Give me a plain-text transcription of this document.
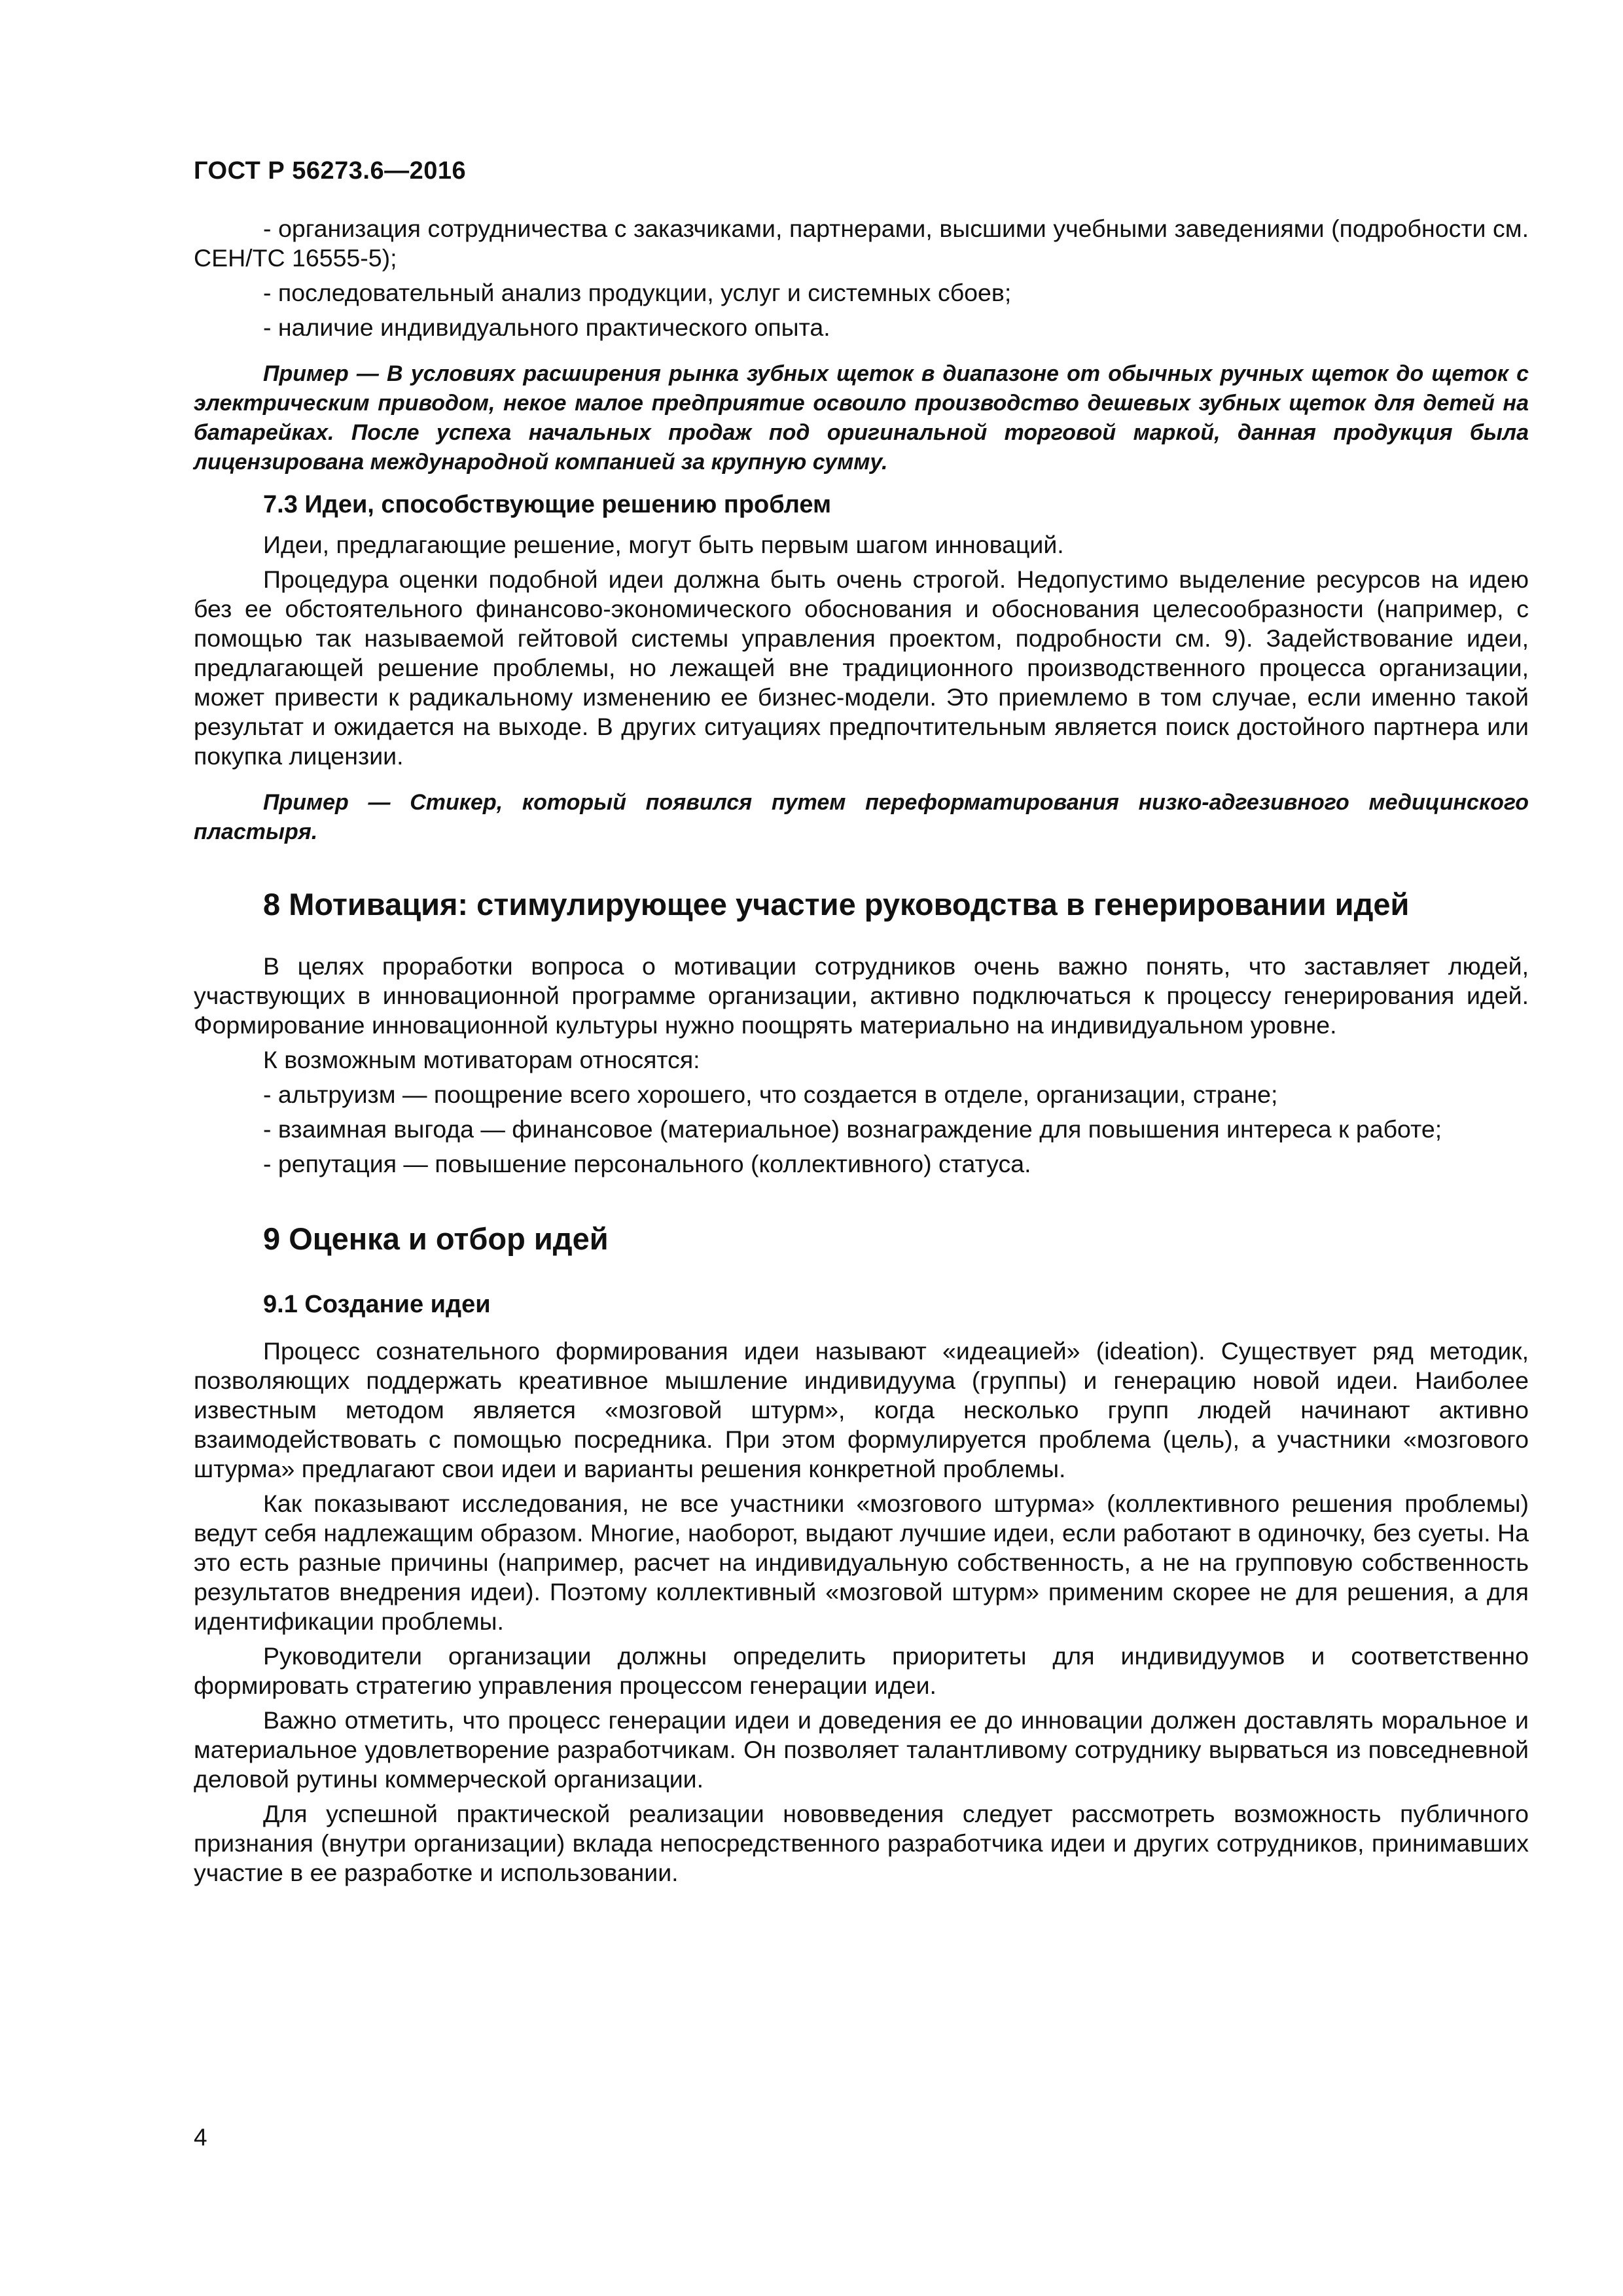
ГОСТ Р 56273.6—2016

- организация сотрудничества с заказчиками, партнерами, высшими учебными заведениями (подробности см. СЕН/TC 16555-5);

- последовательный анализ продукции, услуг и системных сбоев;

- наличие индивидуального практического опыта.

Пример — В условиях расширения рынка зубных щеток в диапазоне от обычных ручных щеток до щеток с электрическим приводом, некое малое предприятие освоило производство дешевых зубных щеток для детей на батарейках. После успеха начальных продаж под оригинальной торговой маркой, данная продукция была лицензирована международной компанией за крупную сумму.
7.3 Идеи, способствующие решению проблем

Идеи, предлагающие решение, могут быть первым шагом инноваций.

Процедура оценки подобной идеи должна быть очень строгой. Недопустимо выделение ресурсов на идею без ее обстоятельного финансово-экономического обоснования и обоснования целесообразности (например, с помощью так называемой гейтовой системы управления проектом, подробности см. 9). Задействование идеи, предлагающей решение проблемы, но лежащей вне традиционного производственного процесса организации, может привести к радикальному изменению ее бизнес-модели. Это приемлемо в том случае, если именно такой результат и ожидается на выходе. В других ситуациях предпочтительным является поиск достойного партнера или покупка лицензии.

Пример — Стикер, который появился путем переформатирования низко-адгезивного медицинского пластыря.
8 Мотивация: стимулирующее участие руководства в генерировании идей

В целях проработки вопроса о мотивации сотрудников очень важно понять, что заставляет людей, участвующих в инновационной программе организации, активно подключаться к процессу генерирования идей. Формирование инновационной культуры нужно поощрять материально на индивидуальном уровне.

К возможным мотиваторам относятся:

- альтруизм — поощрение всего хорошего, что создается в отделе, организации, стране;

- взаимная выгода — финансовое (материальное) вознаграждение для повышения интереса к работе;

- репутация — повышение персонального (коллективного) статуса.

9 Оценка и отбор идей
9.1 Создание идеи

Процесс сознательного формирования идеи называют «идеацией» (ideation). Существует ряд методик, позволяющих поддержать креативное мышление индивидуума (группы) и генерацию новой идеи. Наиболее известным методом является «мозговой штурм», когда несколько групп людей начинают активно взаимодействовать с помощью посредника. При этом формулируется проблема (цель), а участники «мозгового штурма» предлагают свои идеи и варианты решения конкретной проблемы.

Как показывают исследования, не все участники «мозгового штурма» (коллективного решения проблемы) ведут себя надлежащим образом. Многие, наоборот, выдают лучшие идеи, если работают в одиночку, без суеты. На это есть разные причины (например, расчет на индивидуальную собственность, а не на групповую собственность результатов внедрения идеи). Поэтому коллективный «мозговой штурм» применим скорее не для решения, а для идентификации проблемы.

Руководители организации должны определить приоритеты для индивидуумов и соответственно формировать стратегию управления процессом генерации идеи.

Важно отметить, что процесс генерации идеи и доведения ее до инновации должен доставлять моральное и материальное удовлетворение разработчикам. Он позволяет талантливому сотруднику вырваться из повседневной деловой рутины коммерческой организации.

Для успешной практической реализации нововведения следует рассмотреть возможность публичного признания (внутри организации) вклада непосредственного разработчика идеи и других сотрудников, принимавших участие в ее разработке и использовании.

4
